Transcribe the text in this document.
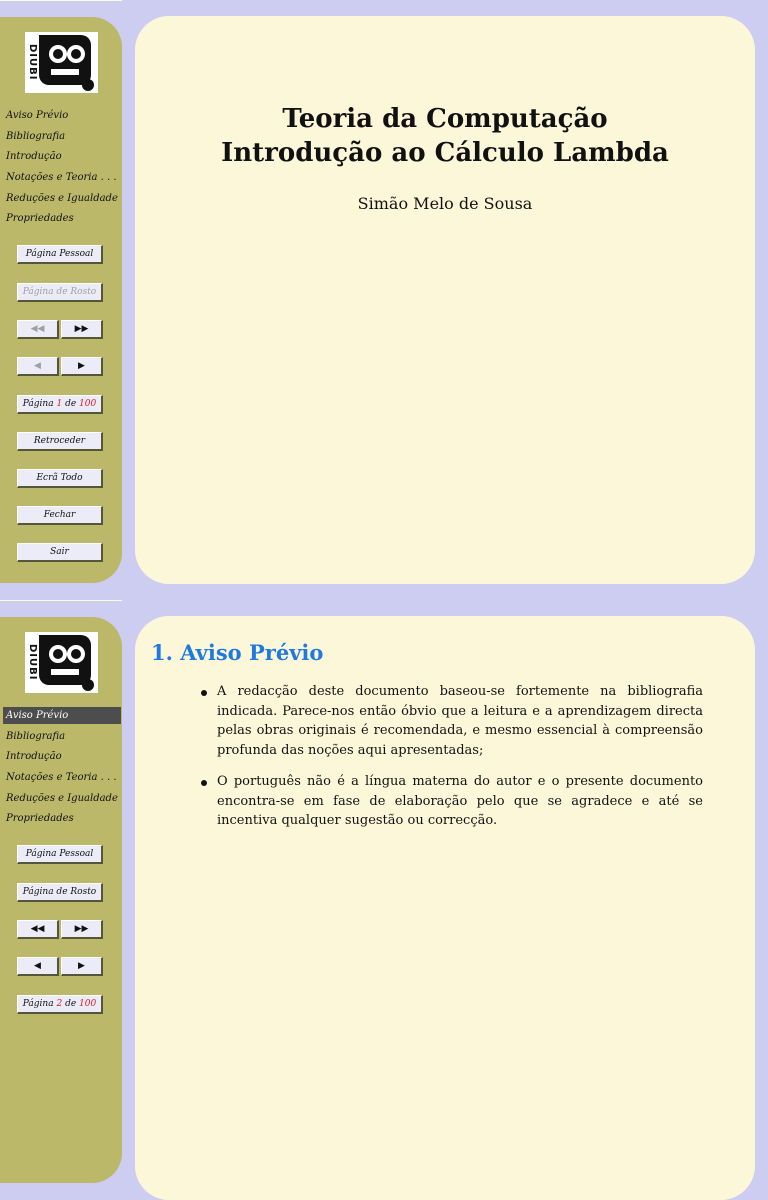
DIUBI
Aviso Prévio
Bibliografia
Introdução
Notações e Teoria . . .
Reduções e Igualdade
Propriedades
Página Pessoal
Página de Rosto
◀◀	▶▶
◀	▶
Página 1 de 100
Retroceder
Ecrã Todo
Fechar
Sair
Teoria da Computação
Introdução ao Cálculo Lambda
Simão Melo de Sousa
DIUBI
Aviso Prévio
Bibliografia
Introdução
Notações e Teoria . . .
Reduções e Igualdade
Propriedades
Página Pessoal
Página de Rosto
◀◀	▶▶
◀	▶
Página 2 de 100
1. Aviso Prévio
A redacção deste documento baseou-se fortemente na bibliografia indicada. Parece-nos então óbvio que a leitura e a aprendizagem directa pelas obras originais é recomendada, e mesmo essencial à compreensão profunda das noções aqui apresentadas;
O português não é a língua materna do autor e o presente documento encontra-se em fase de elaboração pelo que se agradece e até se incentiva qualquer sugestão ou correcção.
